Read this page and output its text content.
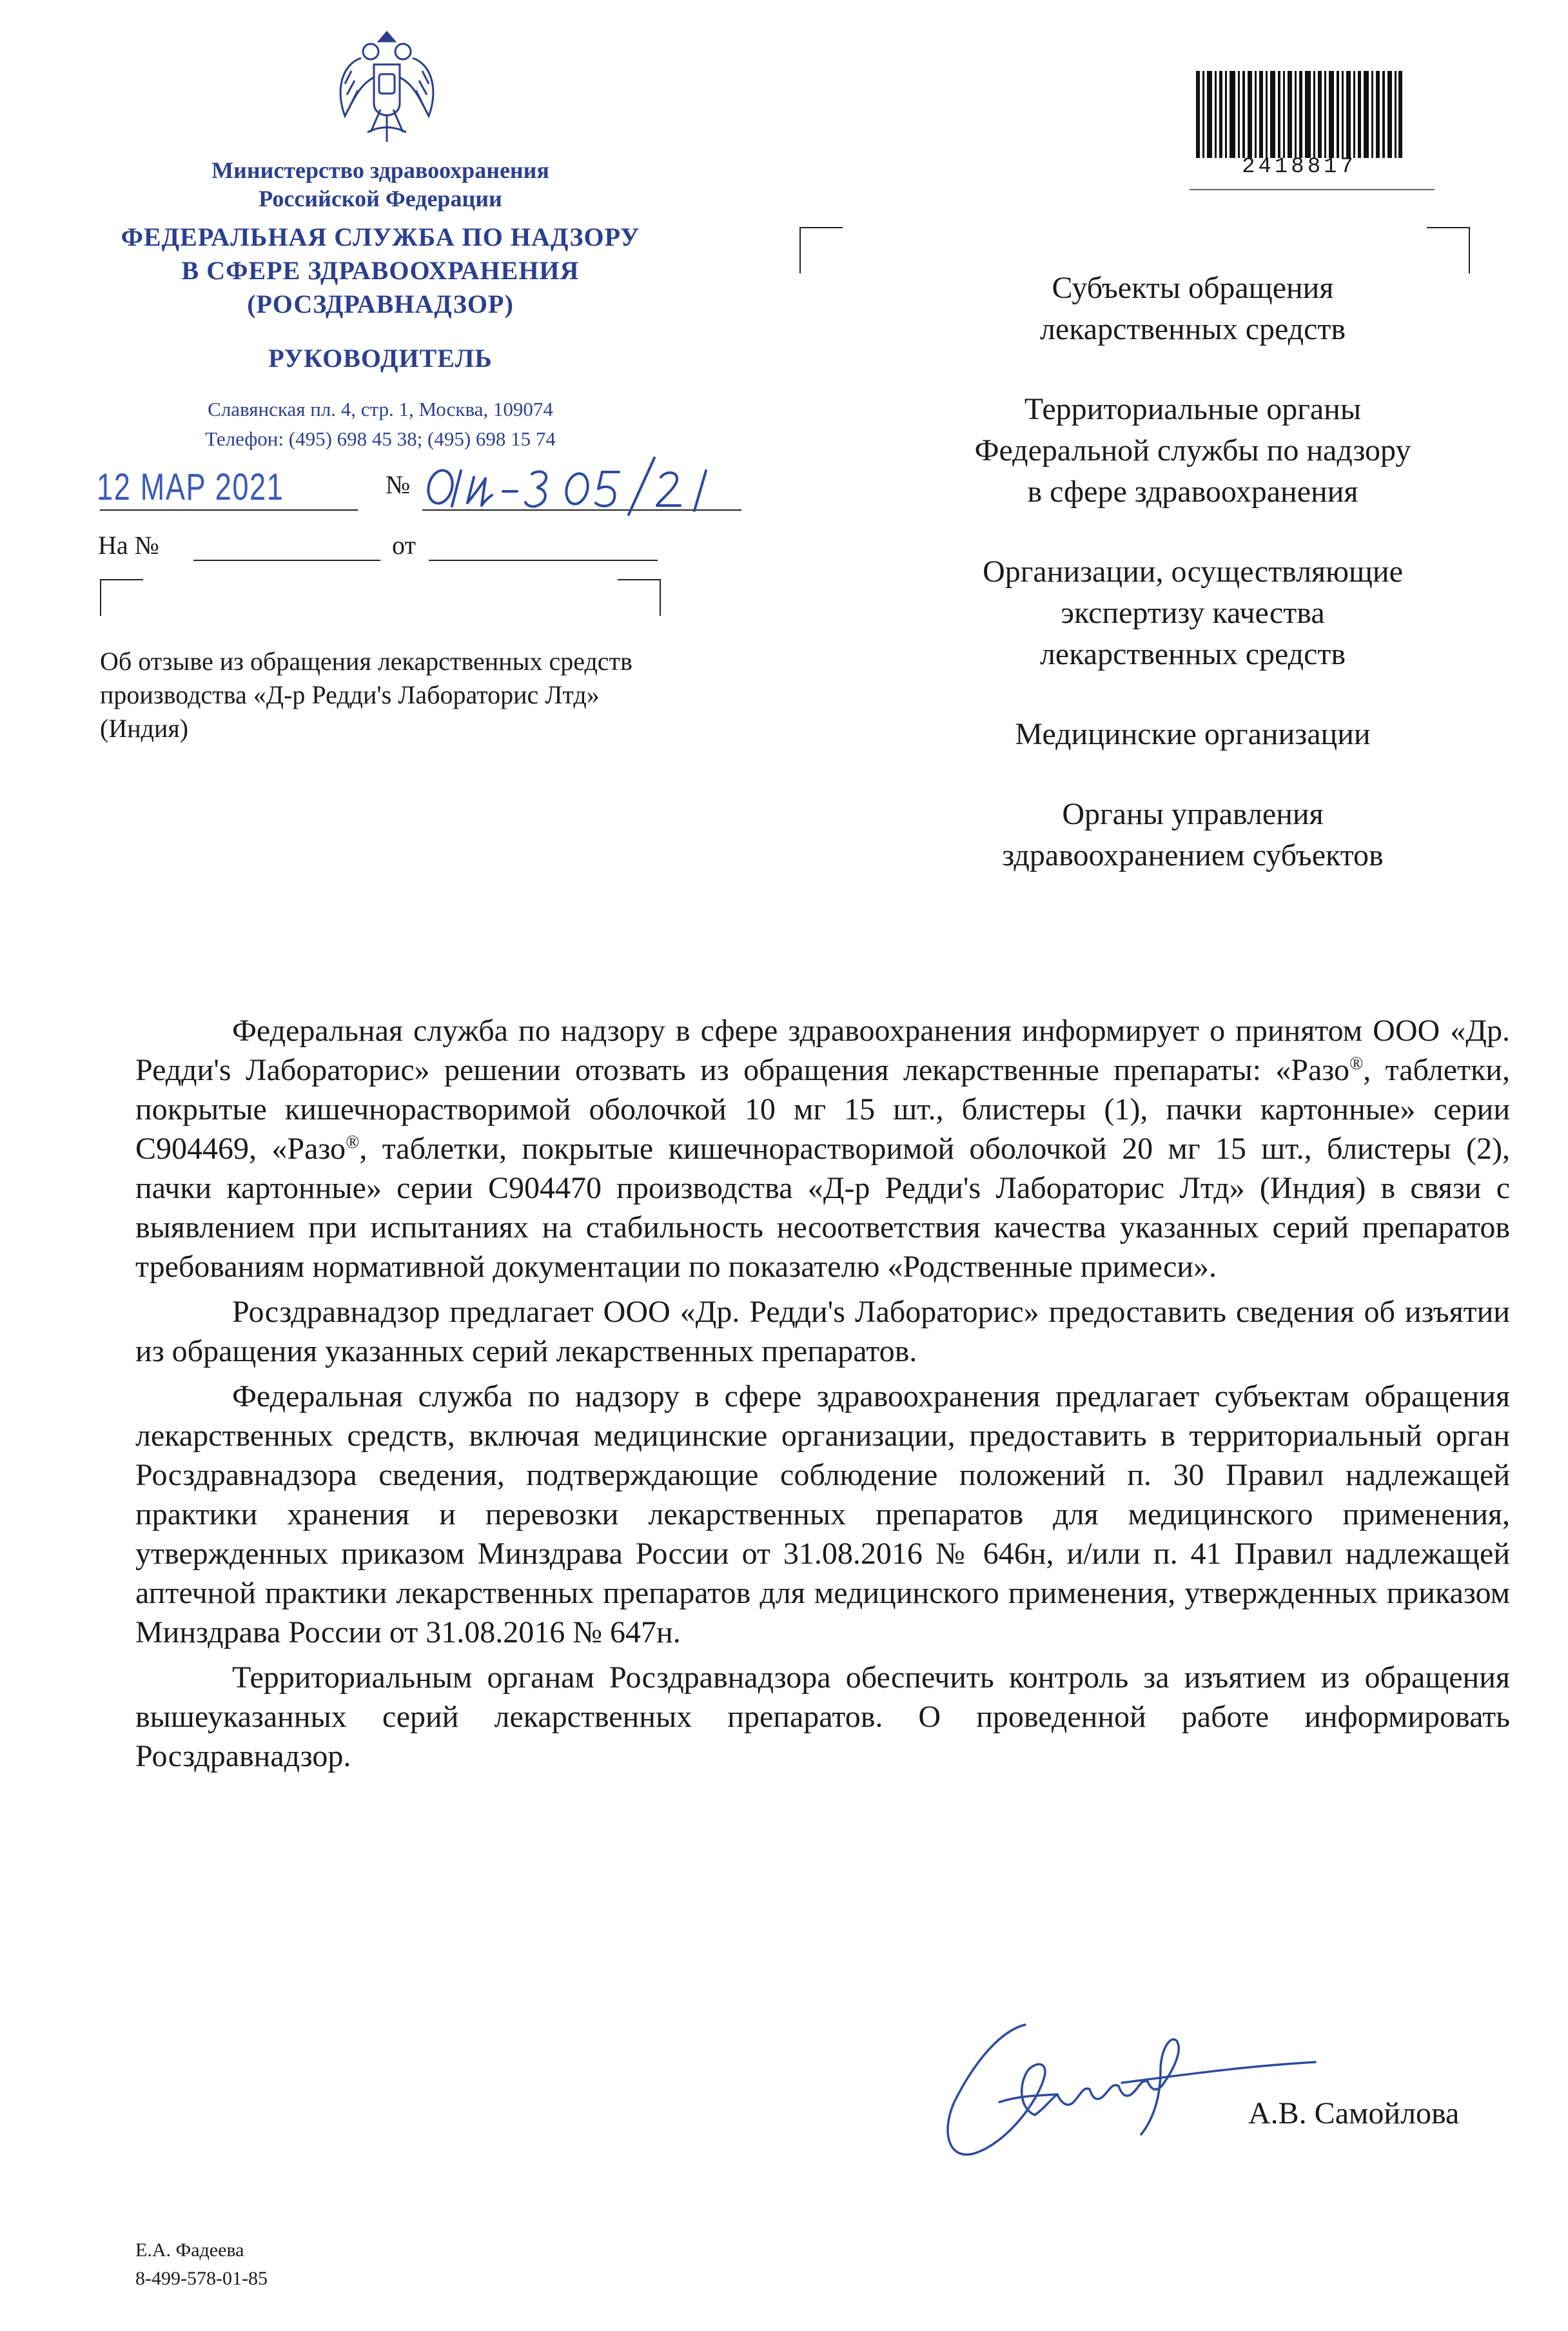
Министерство здравоохранения
Российской Федерации
ФЕДЕРАЛЬНАЯ СЛУЖБА ПО НАДЗОРУ
В СФЕРЕ ЗДРАВООХРАНЕНИЯ
(РОСЗДРАВНАДЗОР)
РУКОВОДИТЕЛЬ
Славянская пл. 4, стр. 1, Москва, 109074
Телефон: (495) 698 45 38; (495) 698 15 74
12 MAP 2021	№
На №	от
Об отзыве из обращения лекарственных средств
производства «Д-р Редди's Лабораторис Лтд»
(Индия)
2418817
Субъекты обращения
лекарственных средств
Территориальные органы
Федеральной службы по надзору
в сфере здравоохранения
Организации, осуществляющие
экспертизу качества
лекарственных средств
Медицинские организации
Органы управления
здравоохранением субъектов

Федеральная служба по надзору в сфере здравоохранения информирует о принятом ООО «Др. Редди's Лабораторис» решении отозвать из обращения лекарственные препараты: «Разо®, таблетки, покрытые кишечнорастворимой оболочкой 10 мг 15 шт., блистеры (1), пачки картонные» серии С904469, «Разо®, таблетки, покрытые кишечнорастворимой оболочкой 20 мг 15 шт., блистеры (2), пачки картонные» серии С904470 производства «Д-р Редди's Лабораторис Лтд» (Индия) в связи с выявлением при испытаниях на стабильность несоответствия качества указанных серий препаратов требованиям нормативной документации по показателю «Родственные примеси».

Росздравнадзор предлагает ООО «Др. Редди's Лабораторис» предоставить сведения об изъятии из обращения указанных серий лекарственных препаратов.

Федеральная служба по надзору в сфере здравоохранения предлагает субъектам обращения лекарственных средств, включая медицинские организации, предоставить в территориальный орган Росздравнадзора сведения, подтверждающие соблюдение положений п. 30 Правил надлежащей практики хранения и перевозки лекарственных препаратов для медицинского применения, утвержденных приказом Минздрава России от 31.08.2016 № 646н, и/или п. 41 Правил надлежащей аптечной практики лекарственных препаратов для медицинского применения, утвержденных приказом Минздрава России от 31.08.2016 № 647н.

Территориальным органам Росздравнадзора обеспечить контроль за изъятием из обращения вышеуказанных серий лекарственных препаратов. О проведенной работе информировать Росздравнадзор.

А.В. Самойлова
Е.А. Фадеева
8-499-578-01-85
